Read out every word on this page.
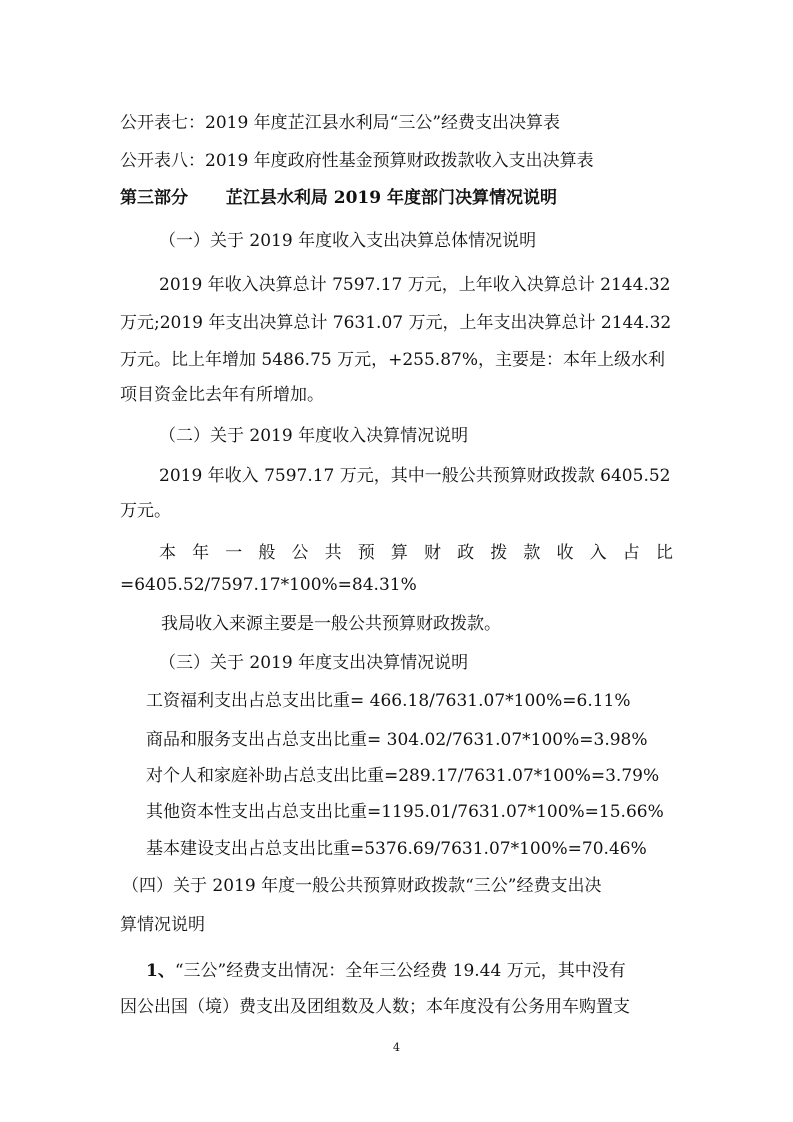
公开表七：2019 年度芷江县水利局“三公”经费支出决算表
公开表八：2019 年度政府性基金预算财政拨款收入支出决算表
第三部分 芷江县水利局 2019 年度部门决算情况说明
（一）关于 2019 年度收入支出决算总体情况说明
2019 年收入决算总计 7597.17 万元，上年收入决算总计 2144.32
万元;2019 年支出决算总计 7631.07 万元，上年支出决算总计 2144.32
万元。比上年增加 5486.75 万元，+255.87%，主要是：本年上级水利
项目资金比去年有所增加。
（二）关于 2019 年度收入决算情况说明
2019 年收入 7597.17 万元，其中一般公共预算财政拨款 6405.52
万元。
本 年 一 般 公 共 预 算 财 政 拨 款 收 入 占 比
=6405.52/7597.17*100%=84.31%
我局收入来源主要是一般公共预算财政拨款。
（三）关于 2019 年度支出决算情况说明
工资福利支出占总支出比重= 466.18/7631.07*100%=6.11%
商品和服务支出占总支出比重= 304.02/7631.07*100%=3.98%
对个人和家庭补助占总支出比重=289.17/7631.07*100%=3.79%
其他资本性支出占总支出比重=1195.01/7631.07*100%=15.66%
基本建设支出占总支出比重=5376.69/7631.07*100%=70.46%
（四）关于 2019 年度一般公共预算财政拨款“三公”经费支出决
算情况说明
1、“三公”经费支出情况：全年三公经费 19.44 万元，其中没有
因公出国（境）费支出及团组数及人数；本年度没有公务用车购置支
4
